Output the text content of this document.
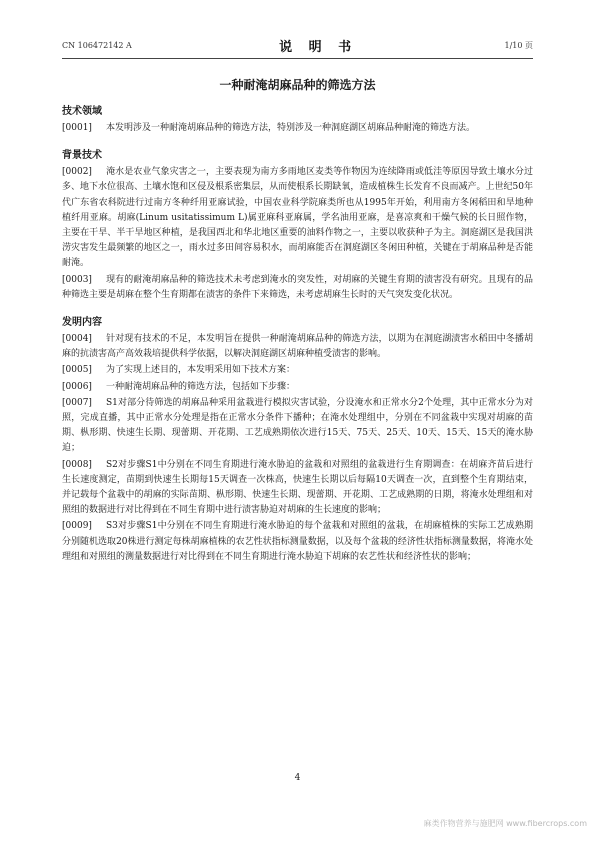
CN 106472142 A	说 明 书	1/10 页
一种耐淹胡麻品种的筛选方法
技术领域

[0001] 本发明涉及一种耐淹胡麻品种的筛选方法，特别涉及一种洞庭湖区胡麻品种耐淹的筛选方法。

背景技术

[0002] 淹水是农业气象灾害之一，主要表现为南方多雨地区麦类等作物因为连续降雨或低洼等原因导致土壤水分过多、地下水位很高、土壤水饱和区侵及根系密集层，从而使根系长期缺氧，造成植株生长发育不良而减产。上世纪50年代广东省农科院进行过南方冬种纤用亚麻试验，中国农业科学院麻类所也从1995年开始，利用南方冬闲稻田和旱地种植纤用亚麻。胡麻(Linum usitatissimum L)属亚麻科亚麻属，学名油用亚麻，是喜凉爽和干燥气候的长日照作物，主要在干旱、半干旱地区种植，是我国西北和华北地区重要的油料作物之一，主要以收获种子为主。洞庭湖区是我国洪涝灾害发生最频繁的地区之一，雨水过多田间容易积水，而胡麻能否在洞庭湖区冬闲田种植，关键在于胡麻品种是否能耐淹。

[0003] 现有的耐淹胡麻品种的筛选技术未考虑到淹水的突发性，对胡麻的关键生育期的渍害没有研究。且现有的品种筛选主要是胡麻在整个生育期都在渍害的条件下来筛选，未考虑胡麻生长时的天气突发变化状况。

发明内容

[0004] 针对现有技术的不足，本发明旨在提供一种耐淹胡麻品种的筛选方法，以期为在洞庭湖渍害水稻田中冬播胡麻的抗渍害高产高效栽培提供科学依据，以解决洞庭湖区胡麻种植受渍害的影响。

[0005] 为了实现上述目的，本发明采用如下技术方案：

[0006] 一种耐淹胡麻品种的筛选方法，包括如下步骤：

[0007] S1对部分待筛选的胡麻品种采用盆栽进行模拟灾害试验，分设淹水和正常水分2个处理，其中正常水分为对照，完成直播，其中正常水分处理是指在正常水分条件下播种；在淹水处理组中，分别在不同盆栽中实现对胡麻的苗期、枞形期、快速生长期、现蕾期、开花期、工艺成熟期依次进行15天、75天、25天、10天、15天、15天的淹水胁迫；

[0008] S2对步骤S1中分别在不同生育期进行淹水胁迫的盆栽和对照组的盆栽进行生育期调查：在胡麻齐苗后进行生长速度测定，苗期到快速生长期每15天调查一次株高，快速生长期以后每隔10天调查一次，直到整个生育期结束，并记载每个盆栽中的胡麻的实际苗期、枞形期、快速生长期、现蕾期、开花期、工艺成熟期的日期，将淹水处理组和对照组的数据进行对比得到在不同生育期中进行渍害胁迫对胡麻的生长速度的影响；

[0009] S3对步骤S1中分别在不同生育期进行淹水胁迫的每个盆栽和对照组的盆栽，在胡麻植株的实际工艺成熟期分别随机选取20株进行测定每株胡麻植株的农艺性状指标测量数据，以及每个盆栽的经济性状指标测量数据，将淹水处理组和对照组的测量数据进行对比得到在不同生育期进行淹水胁迫下胡麻的农艺性状和经济性状的影响；

4
麻类作物营养与施肥网 www.fibercrops.com
